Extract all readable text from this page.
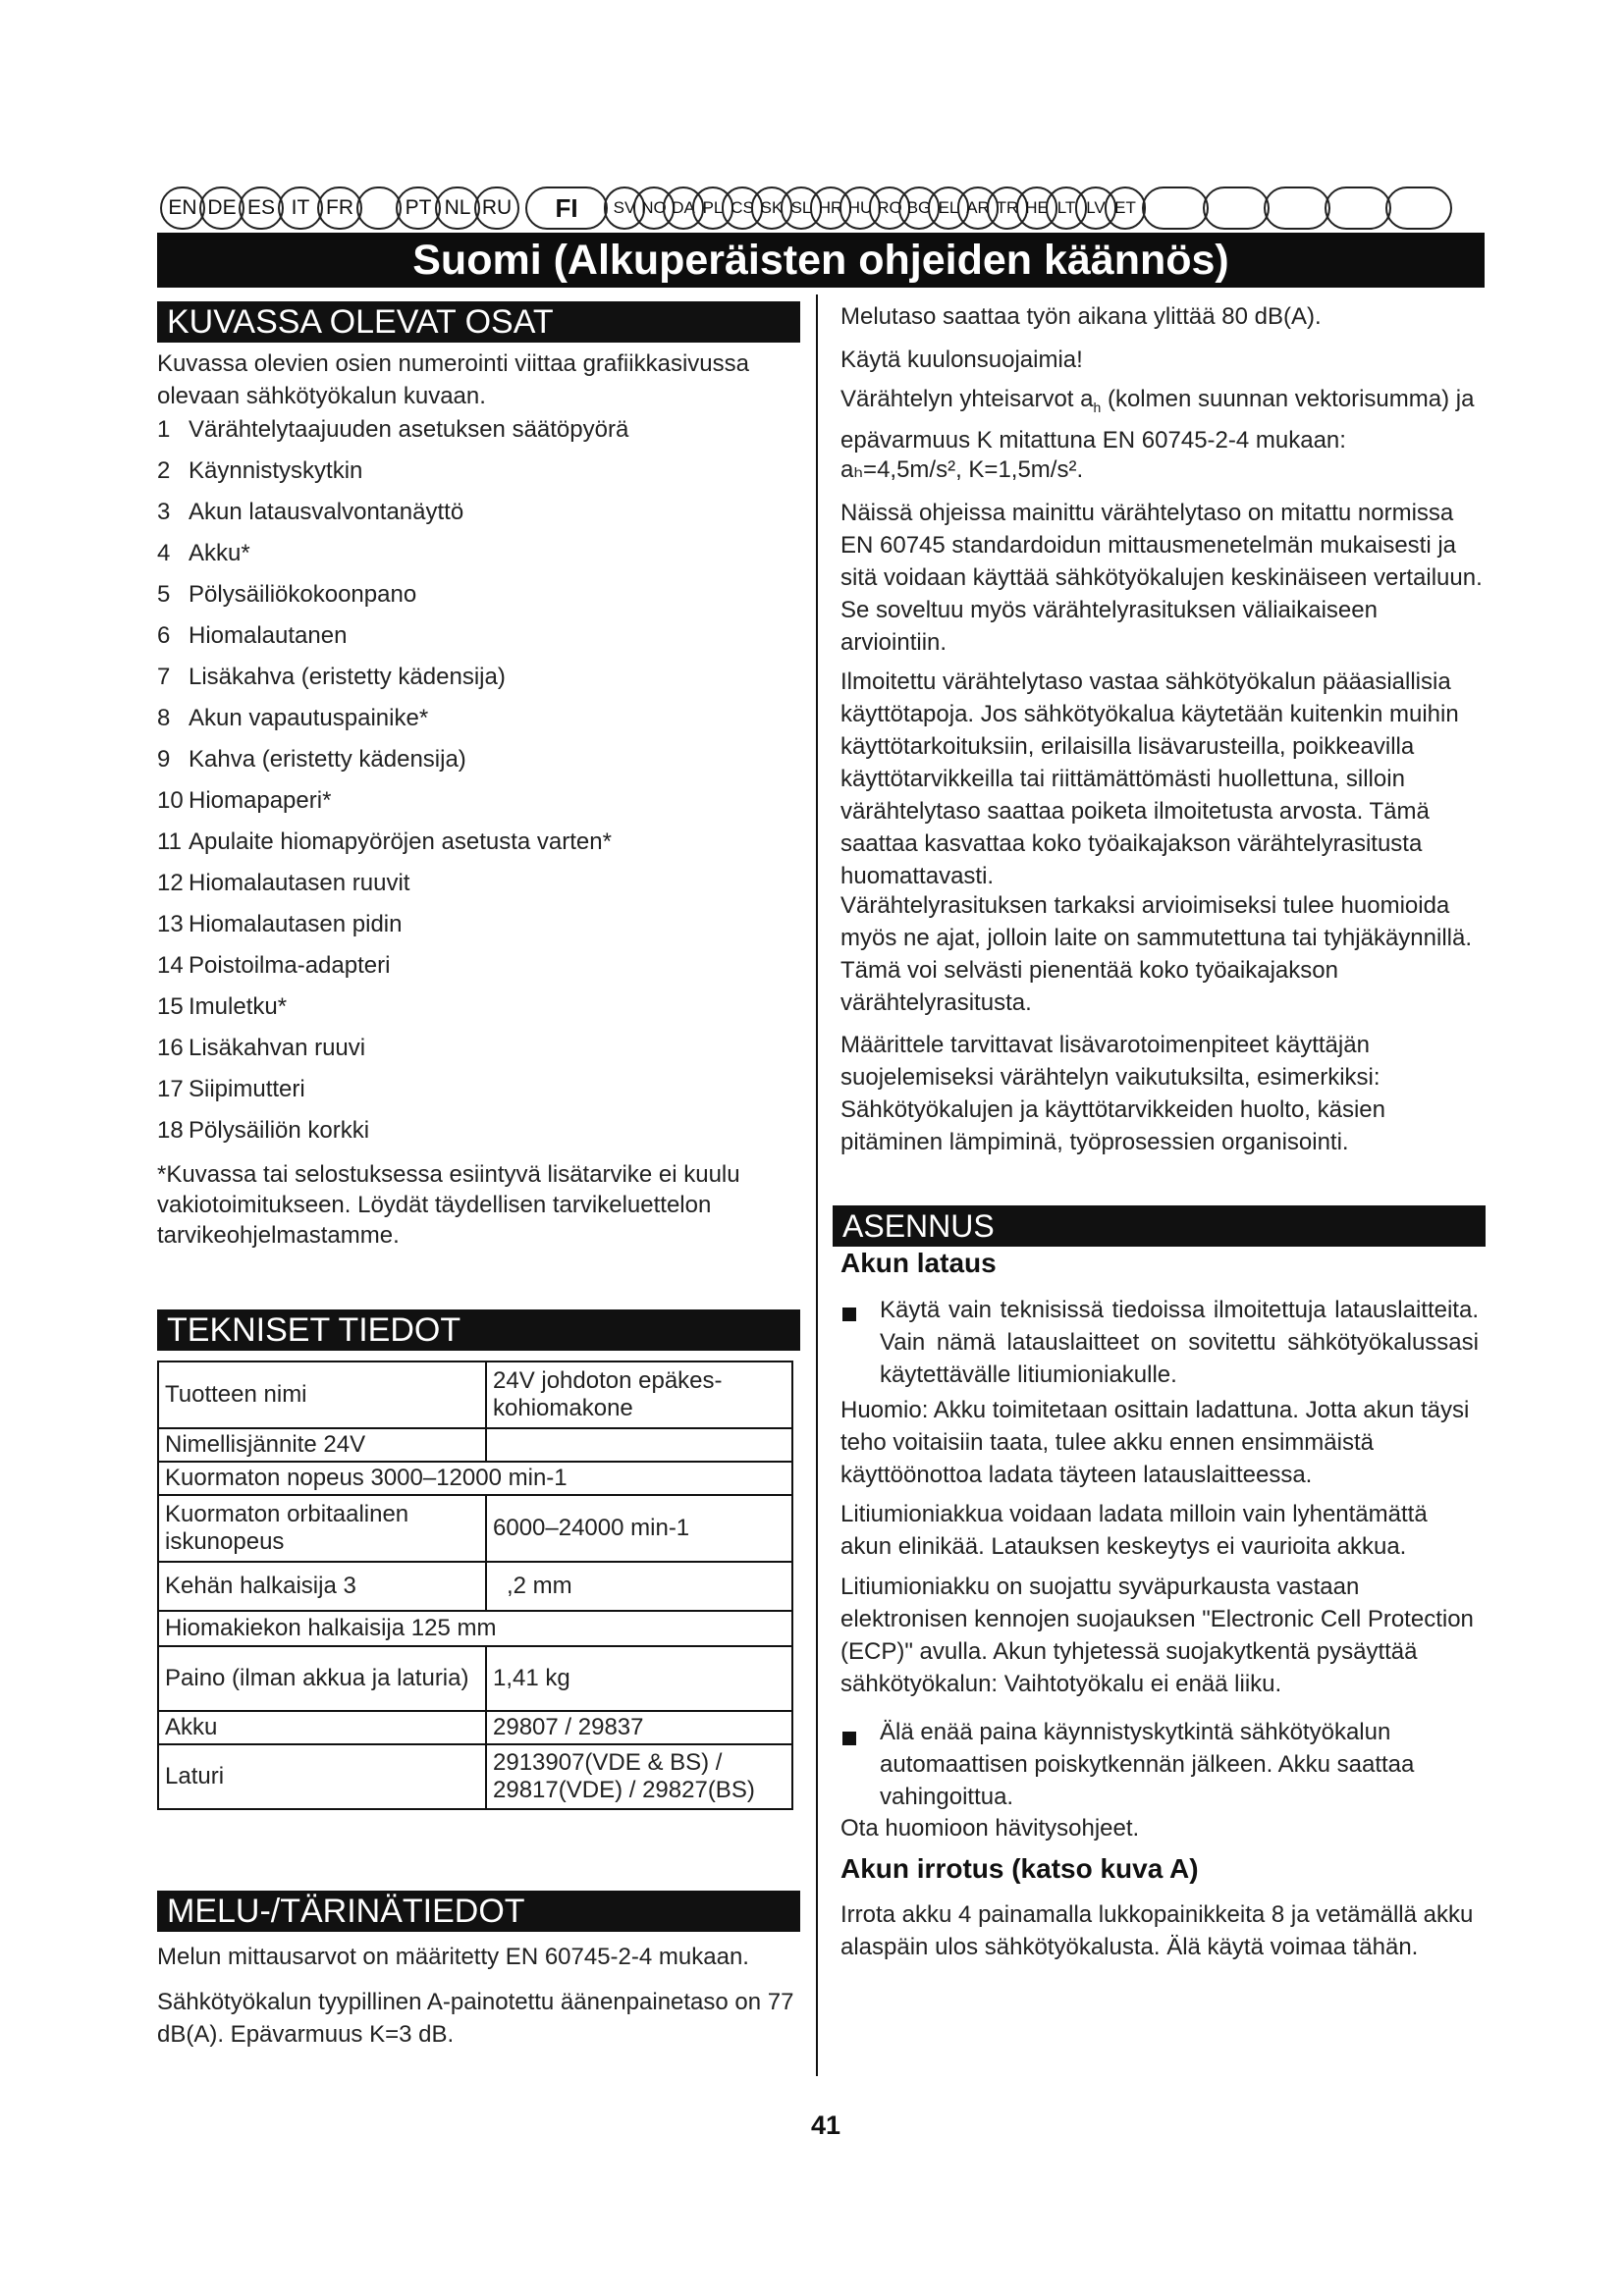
EN DE ES IT FR	PT NL RU	FI	SV NO DA PL CS SK SL HR HU RO BG EL AR TR HE LT LV ET
Suomi (Alkuperäisten ohjeiden käännös)
KUVASSA OLEVAT OSAT
Kuvassa olevien osien numerointi viittaa grafiikkasivussa olevaan sähkötyökalun kuvaan.
1 Värähtelytaajuuden asetuksen säätöpyörä
2 Käynnistyskytkin
3 Akun latausvalvontanäyttö
4 Akku*
5 Pölysäiliökokoonpano
6 Hiomalautanen
7 Lisäkahva (eristetty kädensija)
8 Akun vapautuspainike*
9 Kahva (eristetty kädensija)
10 Hiomapaperi*
11 Apulaite hiomapyöröjen asetusta varten*
12 Hiomalautasen ruuvit
13 Hiomalautasen pidin
14 Poistoilma-adapteri
15 Imuletku*
16 Lisäkahvan ruuvi
17 Siipimutteri
18 Pölysäiliön korkki
*Kuvassa tai selostuksessa esiintyvä lisätarvike ei kuulu vakiotoimitukseen. Löydät täydellisen tarvikeluettelon tarvikeohjelmastamme.
TEKNISET TIEDOT
Tuotteen nimi	24V johdoton epäkes-kohiomakone
Nimellisjännite 24V	
Kuormaton nopeus 3000–12000 min-1	
Kuormaton orbitaalinen iskunopeus	6000–24000 min-1
Kehän halkaisija 3	,2 mm
Hiomakiekon halkaisija 125 mm	
Paino (ilman akkua ja laturia)	1,41 kg
Akku	29807 / 29837
Laturi	2913907(VDE & BS) / 29817(VDE) / 29827(BS)
MELU-/TÄRINÄTIEDOT
Melun mittausarvot on määritetty EN 60745-2-4 mukaan.
Sähkötyökalun tyypillinen A-painotettu äänenpainetaso on 77 dB(A). Epävarmuus K=3 dB.
Melutaso saattaa työn aikana ylittää 80 dB(A).
Käytä kuulonsuojaimia!
Värähtelyn yhteisarvot $a_h$ (kolmen suunnan vektorisumma) ja epävarmuus K mitattuna EN 60745-2-4 mukaan:
aₕ=4,5m/s², K=1,5m/s².
Näissä ohjeissa mainittu värähtelytaso on mitattu normissa EN 60745 standardoidun mittausmenetelmän mukaisesti ja sitä voidaan käyttää sähkötyökalujen keskinäiseen vertailuun. Se soveltuu myös värähtelyrasituksen väliaikaiseen arviointiin.
Ilmoitettu värähtelytaso vastaa sähkötyökalun pääasiallisia käyttötapoja. Jos sähkötyökalua käytetään kuitenkin muihin käyttötarkoituksiin, erilaisilla lisävarusteilla, poikkeavilla käyttötarvikkeilla tai riittämättömästi huollettuna, silloin värähtelytaso saattaa poiketa ilmoitetusta arvosta. Tämä saattaa kasvattaa koko työaikajakson värähtelyrasitusta huomattavasti.
Värähtelyrasituksen tarkaksi arvioimiseksi tulee huomioida myös ne ajat, jolloin laite on sammutettuna tai tyhjäkäynnillä. Tämä voi selvästi pienentää koko työaikajakson värähtelyrasitusta.
Määrittele tarvittavat lisävarotoimenpiteet käyttäjän suojelemiseksi värähtelyn vaikutuksilta, esimerkiksi: Sähkötyökalujen ja käyttötarvikkeiden huolto, käsien pitäminen lämpiminä, työprosessien organisointi.
ASENNUS
Akun lataus
Käytä vain teknisissä tiedoissa ilmoitettuja latauslaitteita. Vain nämä latauslaitteet on sovitettu sähkötyökalussasi käytettävälle litiumioniakulle.
Huomio: Akku toimitetaan osittain ladattuna. Jotta akun täysi teho voitaisiin taata, tulee akku ennen ensimmäistä käyttöönottoa ladata täyteen latauslaitteessa.
Litiumioniakkua voidaan ladata milloin vain lyhentämättä akun elinikää. Latauksen keskeytys ei vaurioita akkua.
Litiumioniakku on suojattu syväpurkausta vastaan elektronisen kennojen suojauksen "Electronic Cell Protection (ECP)" avulla. Akun tyhjetessä suojakytkentä pysäyttää sähkötyökalun: Vaihtotyökalu ei enää liiku.
Älä enää paina käynnistyskytkintä sähkötyökalun automaattisen poiskytkennän jälkeen. Akku saattaa vahingoittua.
Ota huomioon hävitysohjeet.
Akun irrotus (katso kuva A)
Irrota akku 4 painamalla lukkopainikkeita 8 ja vetämällä akku alaspäin ulos sähkötyökalusta. Älä käytä voimaa tähän.
41
